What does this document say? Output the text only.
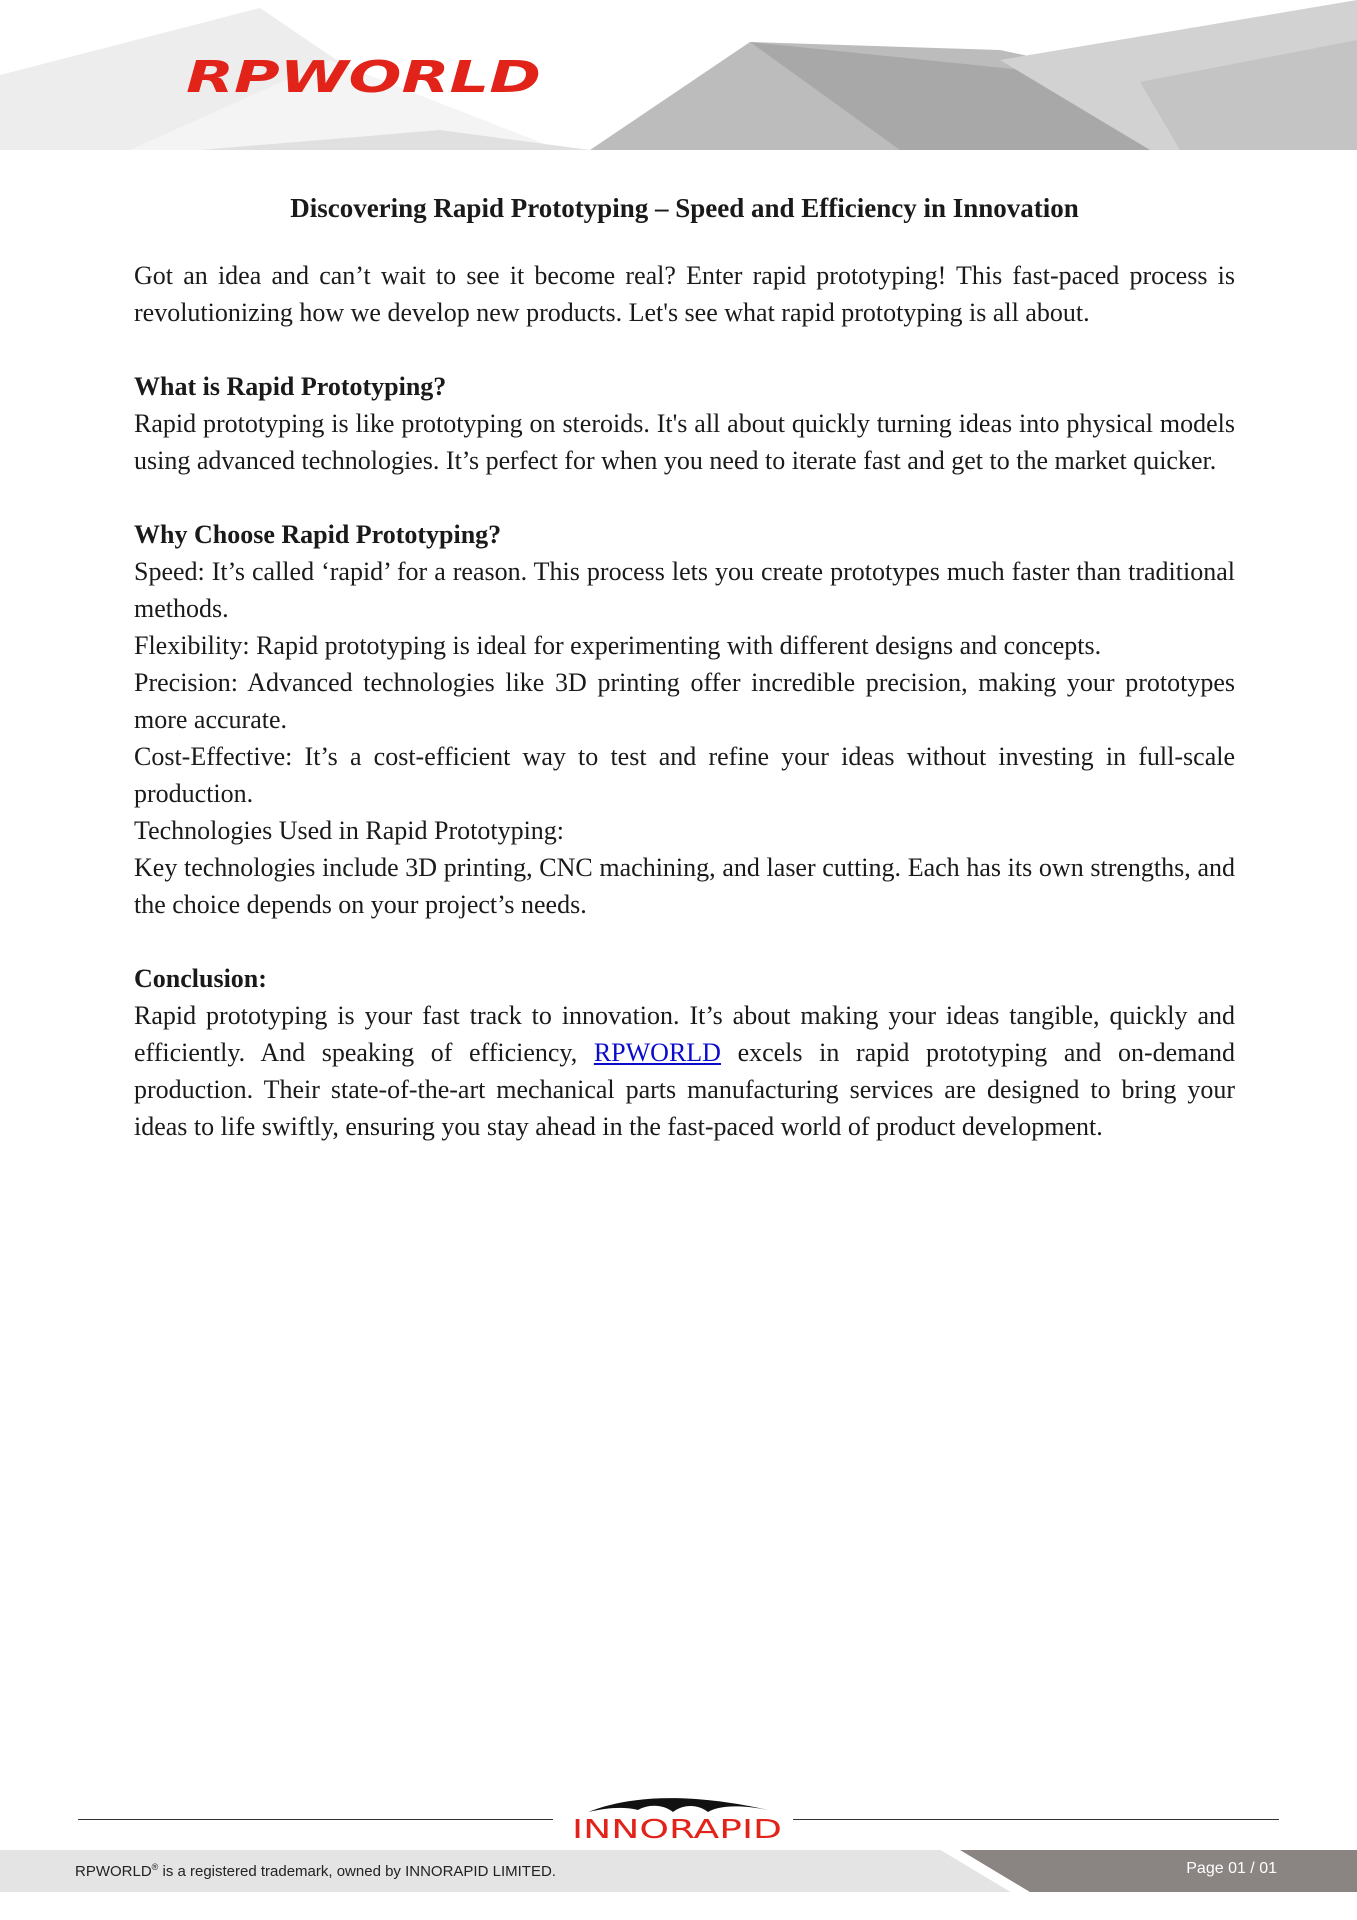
RPWORLD

Discovering Rapid Prototyping – Speed and Efficiency in Innovation

Got an idea and can’t wait to see it become real? Enter rapid prototyping! This fast-paced process is revolutionizing how we develop new products. Let's see what rapid prototyping is all about.

What is Rapid Prototyping?

Rapid prototyping is like prototyping on steroids. It's all about quickly turning ideas into physical models using advanced technologies. It’s perfect for when you need to iterate fast and get to the market quicker.

Why Choose Rapid Prototyping?

Speed: It’s called ‘rapid’ for a reason. This process lets you create prototypes much faster than traditional methods.

Flexibility: Rapid prototyping is ideal for experimenting with different designs and concepts.

Precision: Advanced technologies like 3D printing offer incredible precision, making your prototypes more accurate.

Cost-Effective: It’s a cost-efficient way to test and refine your ideas without investing in full-scale production.

Technologies Used in Rapid Prototyping:

Key technologies include 3D printing, CNC machining, and laser cutting. Each has its own strengths, and the choice depends on your project’s needs.

Conclusion:

Rapid prototyping is your fast track to innovation. It’s about making your ideas tangible, quickly and efficiently. And speaking of efficiency, RPWORLD excels in rapid prototyping and on-demand production. Their state-of-the-art mechanical parts manufacturing services are designed to bring your ideas to life swiftly, ensuring you stay ahead in the fast-paced world of product development.

INNORAPID
RPWORLD® is a registered trademark, owned by INNORAPID LIMITED.	Page 01 / 01
